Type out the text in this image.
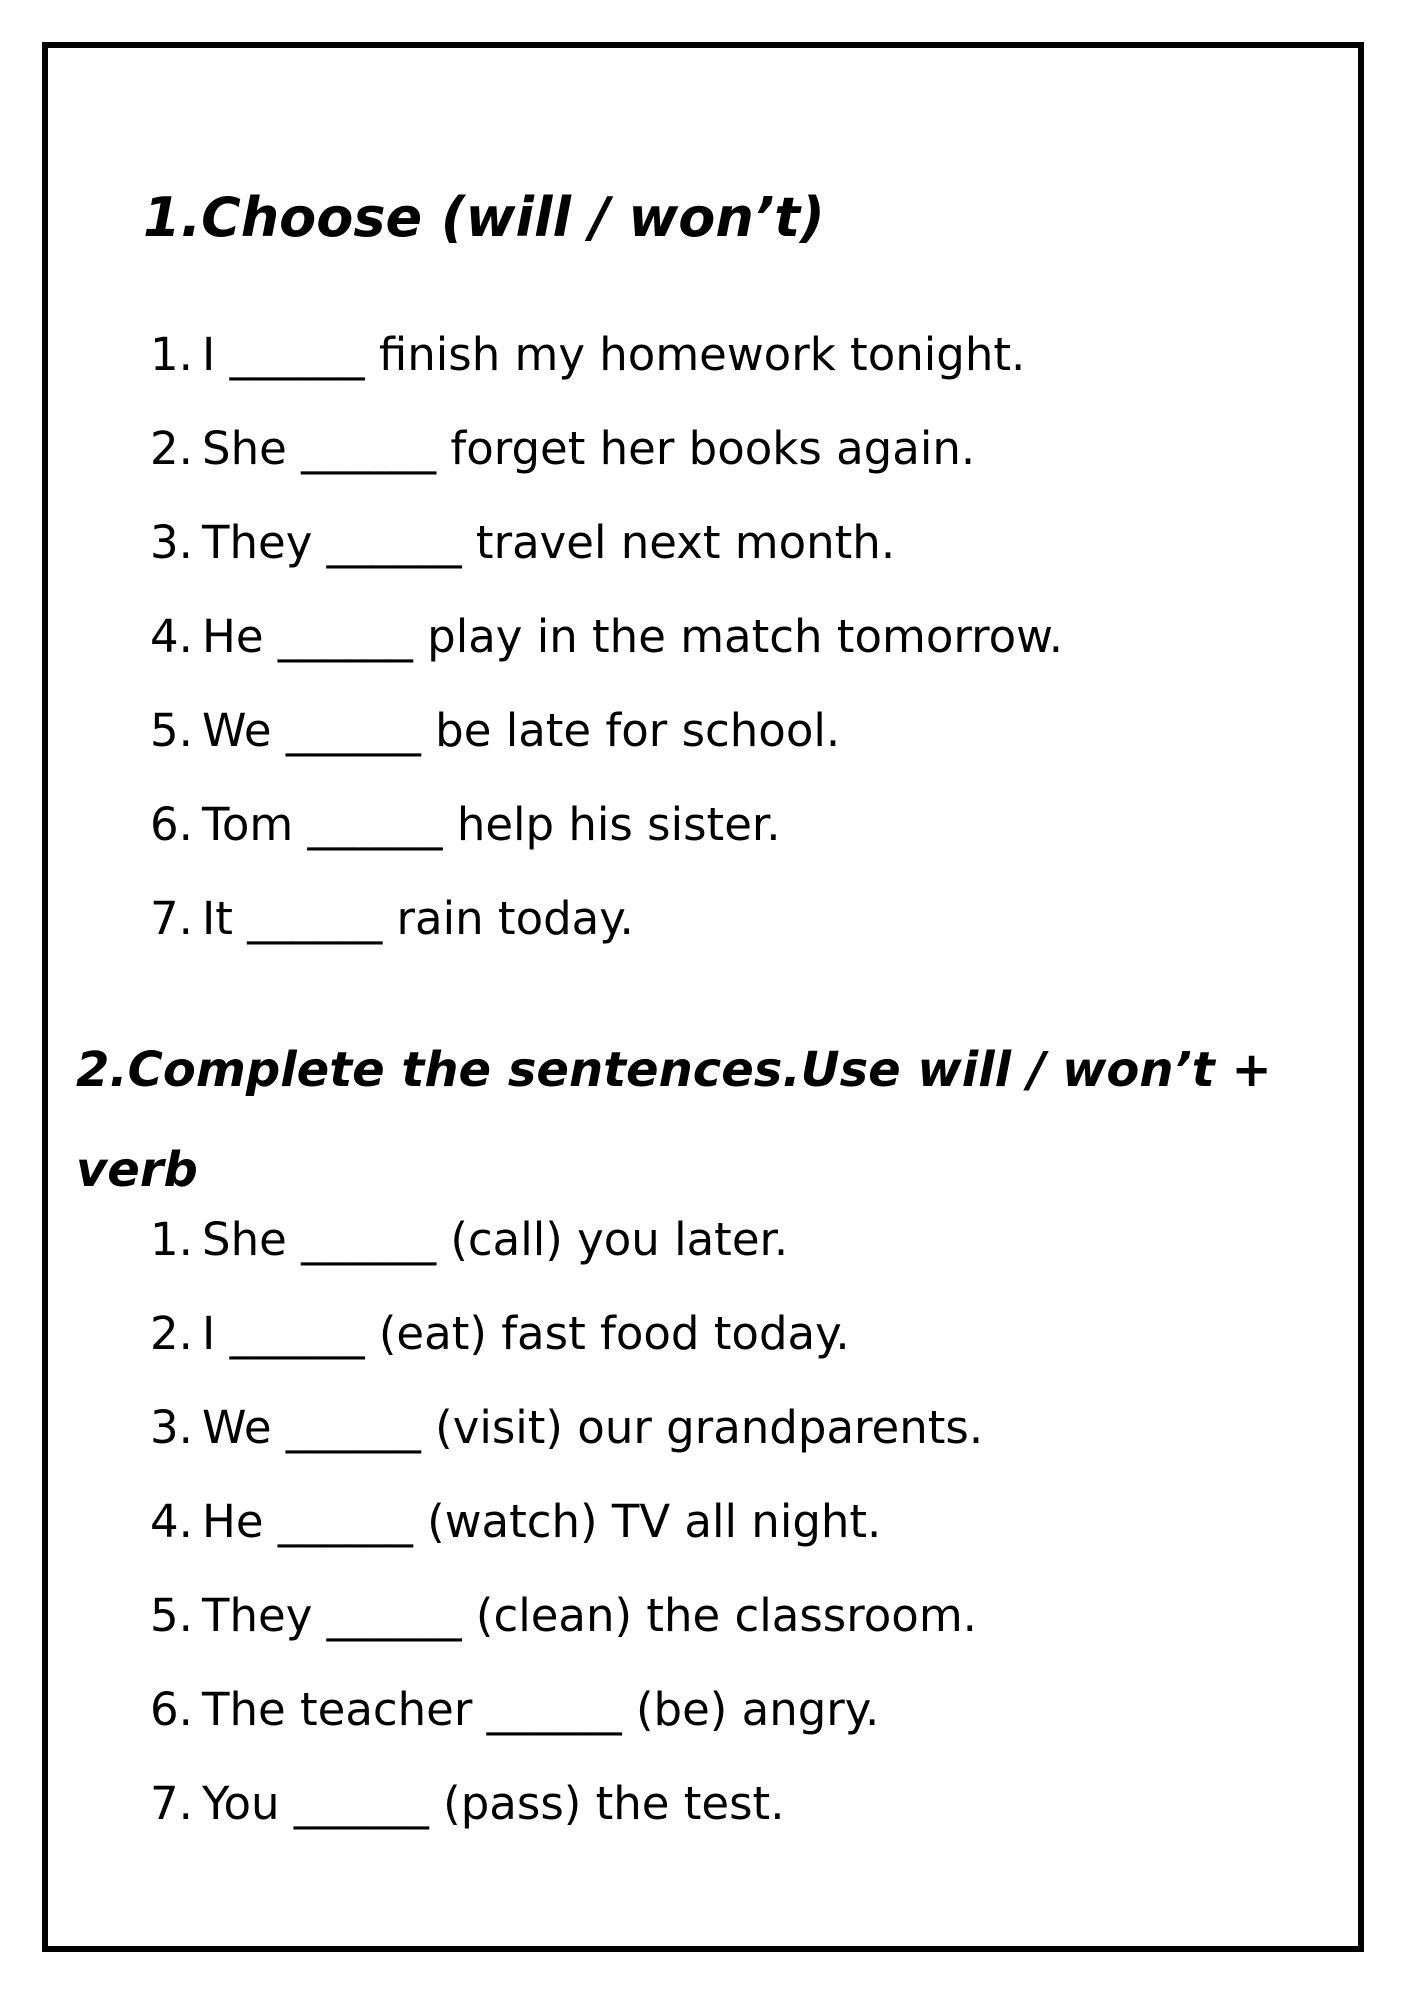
1.Choose (will / won’t)
1. I ______ finish my homework tonight.
2. She ______ forget her books again.
3. They ______ travel next month.
4. He ______ play in the match tomorrow.
5. We ______ be late for school.
6. Tom ______ help his sister.
7. It ______ rain today.
2.Complete the sentences.Use will / won’t + verb
1. She ______ (call) you later.
2. I ______ (eat) fast food today.
3. We ______ (visit) our grandparents.
4. He ______ (watch) TV all night.
5. They ______ (clean) the classroom.
6. The teacher ______ (be) angry.
7. You ______ (pass) the test.
